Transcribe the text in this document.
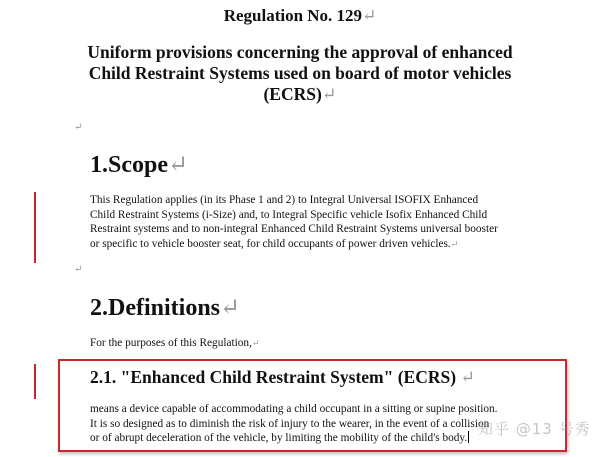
Regulation No. 129↵
Uniform provisions concerning the approval of enhanced
Child Restraint Systems used on board of motor vehicles
(ECRS)↵
↵
1.Scope↵
This Regulation applies (in its Phase 1 and 2) to Integral Universal ISOFIX Enhanced
Child Restraint Systems (i-Size) and, to Integral Specific vehicle Isofix Enhanced Child
Restraint systems and to non-integral Enhanced Child Restraint Systems universal booster
or specific to vehicle booster seat, for child occupants of power driven vehicles.↵
↵
2.Definitions↵
For the purposes of this Regulation,↵
2.1. "Enhanced Child Restraint System" (ECRS) ↵
means a device capable of accommodating a child occupant in a sitting or supine position.
It is so designed as to diminish the risk of injury to the wearer, in the event of a collision
or of abrupt deceleration of the vehicle, by limiting the mobility of the child's body.
知乎 @13 号秀
